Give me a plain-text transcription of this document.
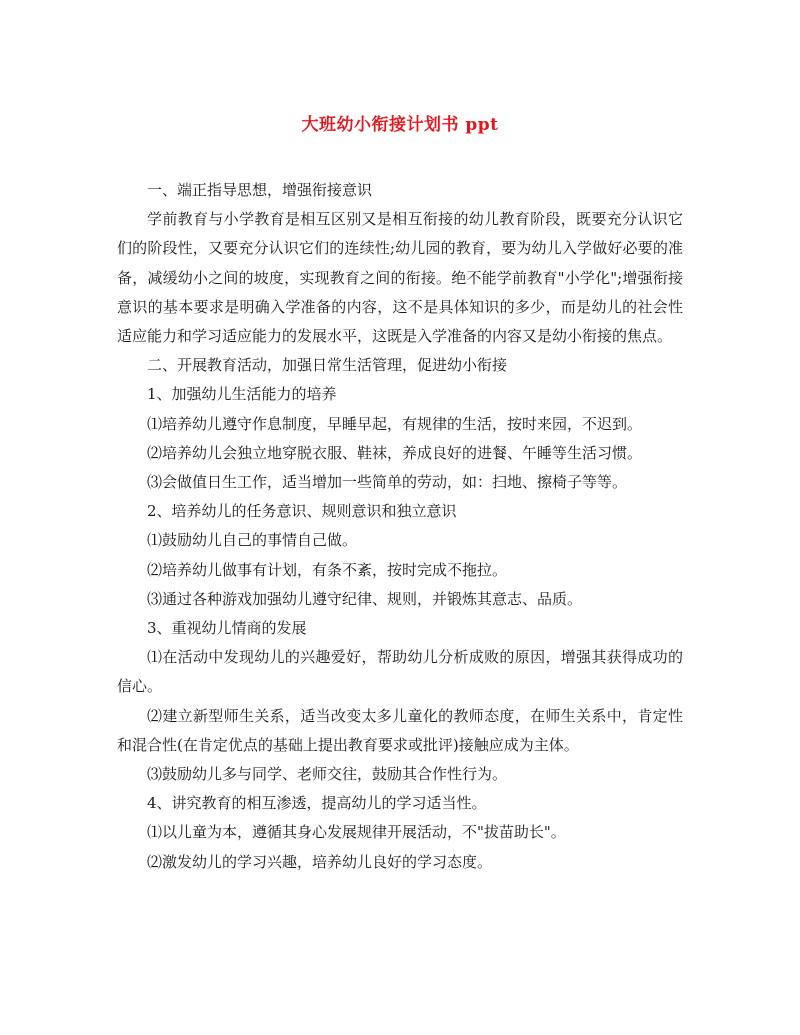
大班幼小衔接计划书 ppt

一、端正指导思想，增强衔接意识

学前教育与小学教育是相互区别又是相互衔接的幼儿教育阶段，既要充分认识它们的阶段性，又要充分认识它们的连续性;幼儿园的教育，要为幼儿入学做好必要的准备，减缓幼小之间的坡度，实现教育之间的衔接。绝不能学前教育"小学化";增强衔接意识的基本要求是明确入学准备的内容，这不是具体知识的多少，而是幼儿的社会性适应能力和学习适应能力的发展水平，这既是入学准备的内容又是幼小衔接的焦点。

二、开展教育活动，加强日常生活管理，促进幼小衔接

1、加强幼儿生活能力的培养

⑴培养幼儿遵守作息制度，早睡早起，有规律的生活，按时来园，不迟到。

⑵培养幼儿会独立地穿脱衣服、鞋袜，养成良好的进餐、午睡等生活习惯。

⑶会做值日生工作，适当增加一些简单的劳动，如：扫地、擦椅子等等。

2、培养幼儿的任务意识、规则意识和独立意识

⑴鼓励幼儿自己的事情自己做。

⑵培养幼儿做事有计划，有条不紊，按时完成不拖拉。

⑶通过各种游戏加强幼儿遵守纪律、规则，并锻炼其意志、品质。

3、重视幼儿情商的发展

⑴在活动中发现幼儿的兴趣爱好，帮助幼儿分析成败的原因，增强其获得成功的信心。

⑵建立新型师生关系，适当改变太多儿童化的教师态度，在师生关系中，肯定性和混合性(在肯定优点的基础上提出教育要求或批评)接触应成为主体。

⑶鼓励幼儿多与同学、老师交往，鼓励其合作性行为。

4、讲究教育的相互渗透，提高幼儿的学习适当性。

⑴以儿童为本，遵循其身心发展规律开展活动，不"拔苗助长"。

⑵激发幼儿的学习兴趣，培养幼儿良好的学习态度。
